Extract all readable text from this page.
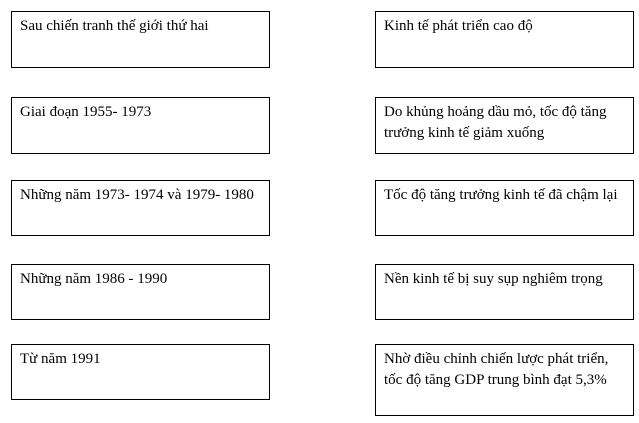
Sau chiến tranh thế giới thứ hai
Giai đoạn 1955- 1973
Những năm 1973- 1974 và 1979- 1980
Những năm 1986 - 1990
Từ năm 1991
Kinh tế phát triển cao độ
Do khủng hoảng dầu mỏ, tốc độ tăng trưởng kinh tế giảm xuống
Tốc độ tăng trưởng kinh tế đã chậm lại
Nền kinh tế bị suy sụp nghiêm trọng
Nhờ điều chỉnh chiến lược phát triển, tốc độ tăng GDP trung bình đạt 5,3%
